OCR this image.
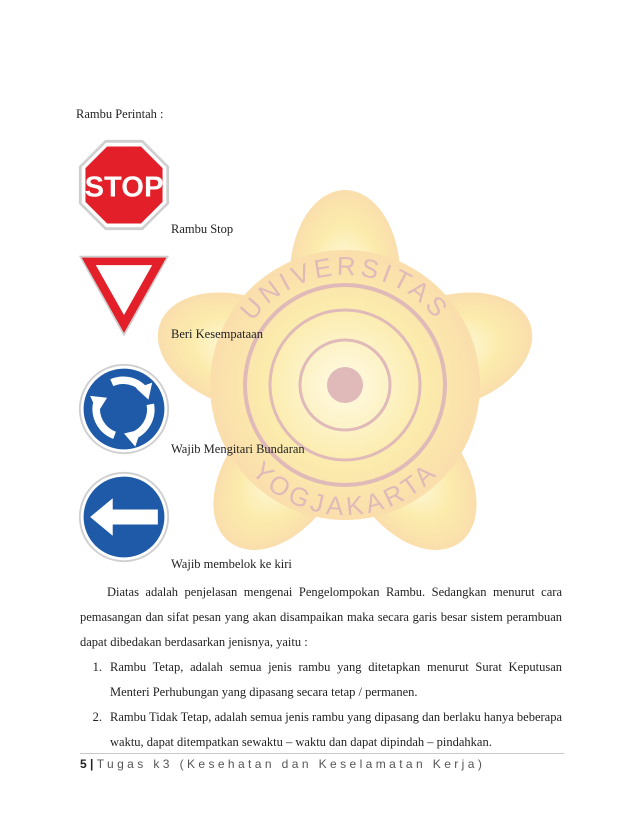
UNIVERSITAS
YOGJAKARTA
Rambu Perintah :
STOP
Rambu Stop
Beri Kesempataan
Wajib Mengitari Bundaran
Wajib membelok ke kiri

Diatas adalah penjelasan mengenai Pengelompokan Rambu. Sedangkan menurut cara pemasangan dan sifat pesan yang akan disampaikan maka secara garis besar sistem perambuan dapat dibedakan berdasarkan jenisnya, yaitu :

1. Rambu Tetap, adalah semua jenis rambu yang ditetapkan menurut Surat Keputusan Menteri Perhubungan yang dipasang secara tetap / permanen.
2. Rambu Tidak Tetap, adalah semua jenis rambu yang dipasang dan berlaku hanya beberapa waktu, dapat ditempatkan sewaktu – waktu dan dapat dipindah – pindahkan.
5 | Tugas k3 (Kesehatan dan Keselamatan Kerja)
